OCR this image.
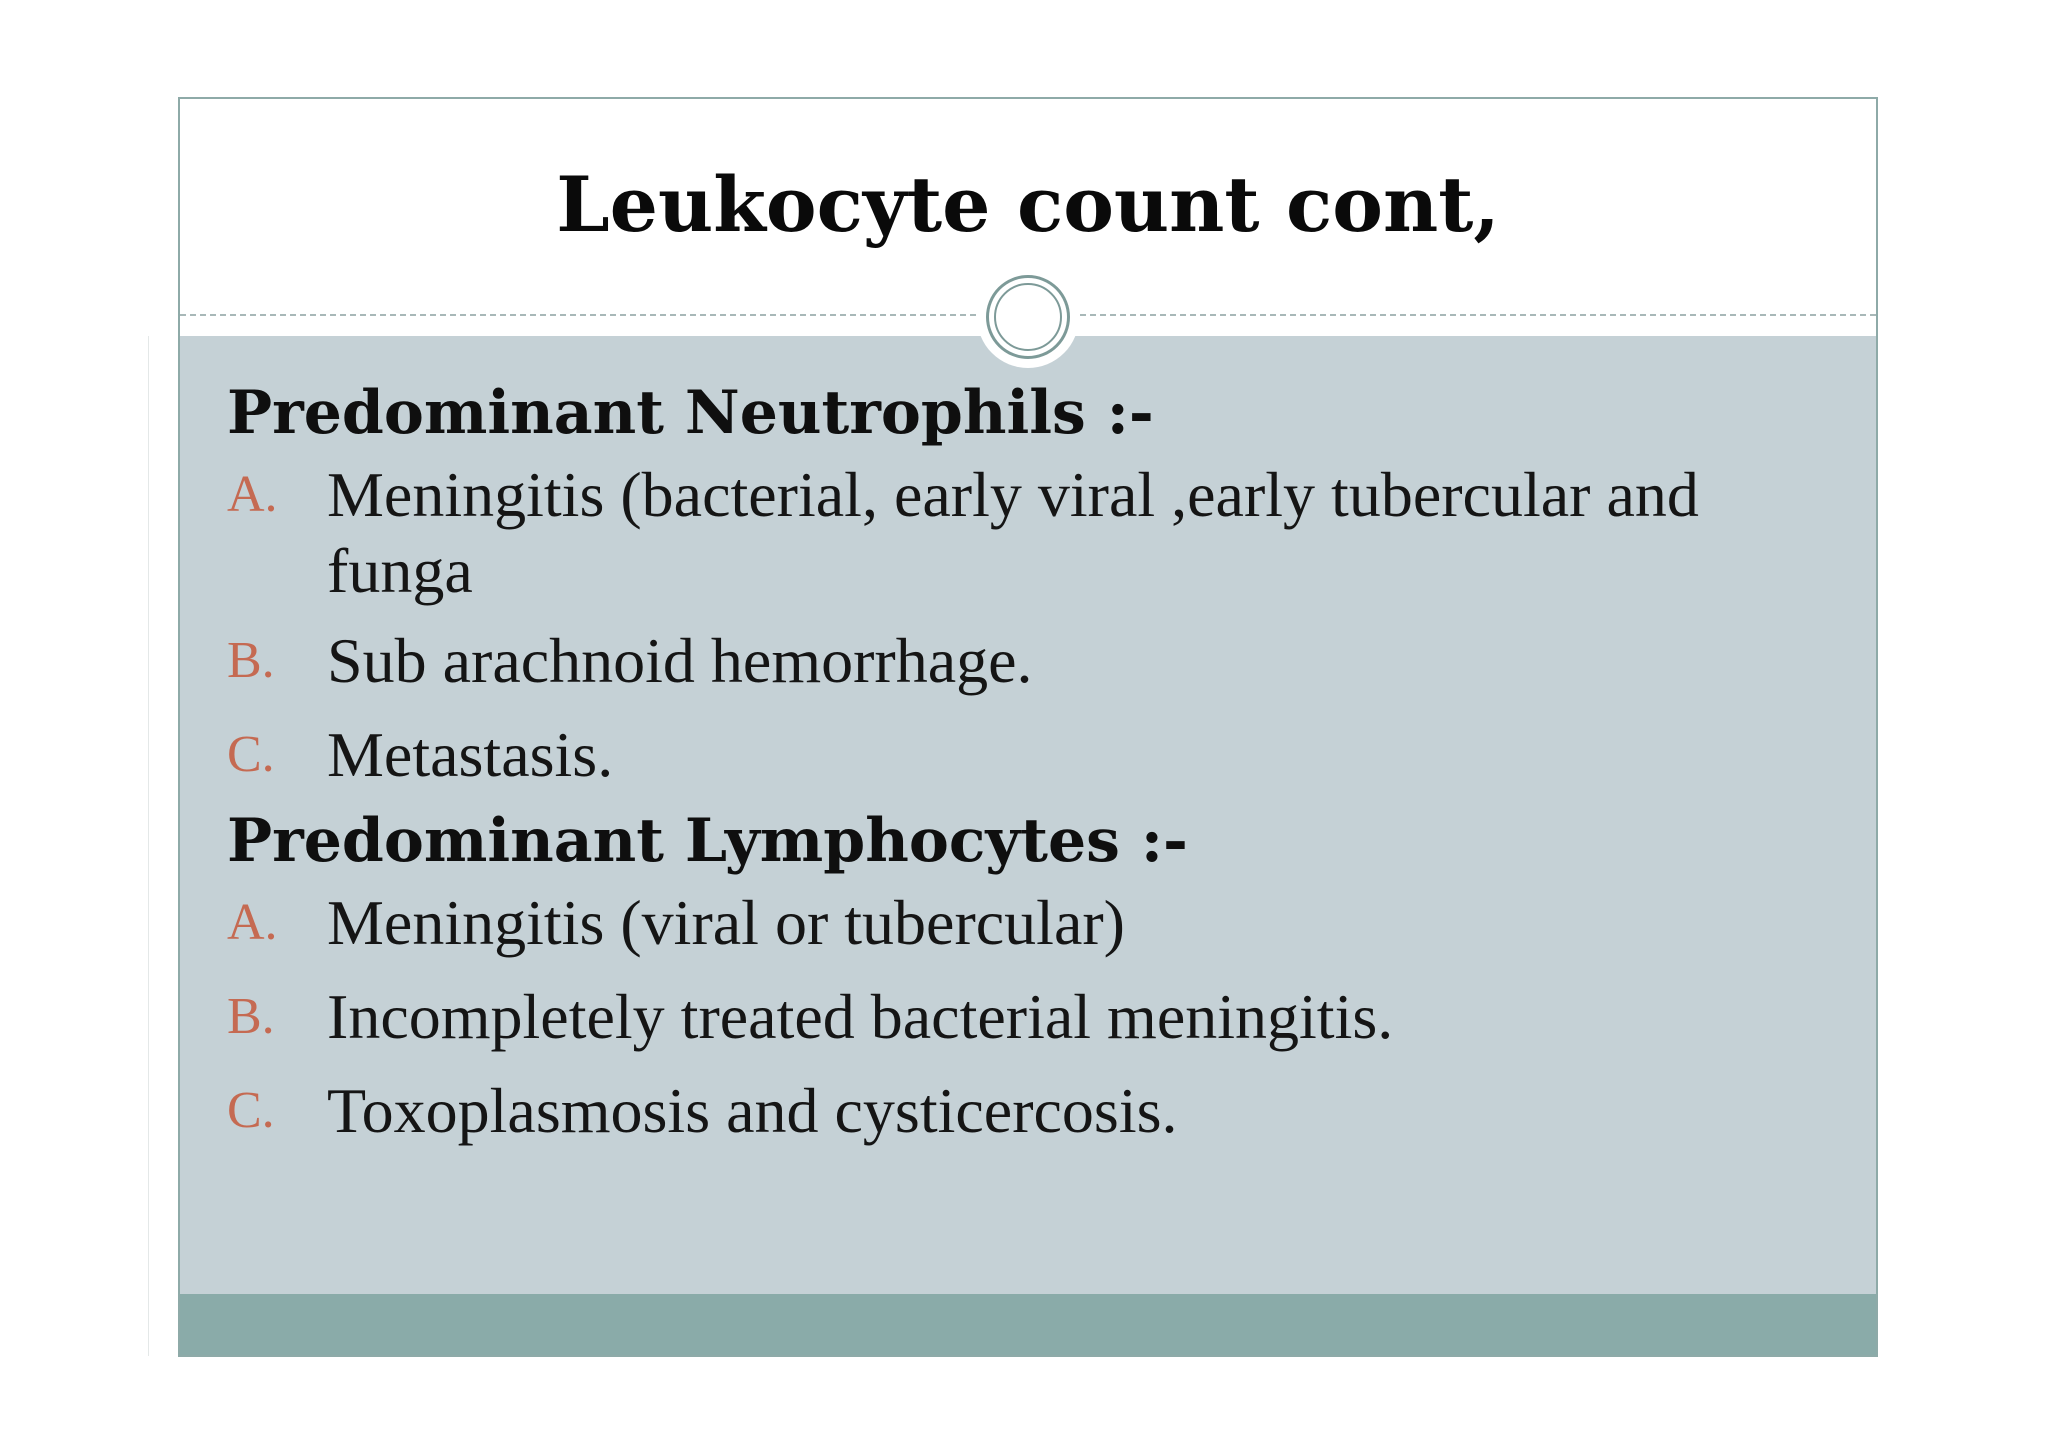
Leukocyte count cont,

Predominant Neutrophils :-

A. Meningitis (bacterial, early viral ,early tubercular and funga
B. Sub arachnoid hemorrhage.
C. Metastasis.

Predominant Lymphocytes :-

A. Meningitis (viral or tubercular)
B. Incompletely treated bacterial meningitis.
C. Toxoplasmosis and cysticercosis.
